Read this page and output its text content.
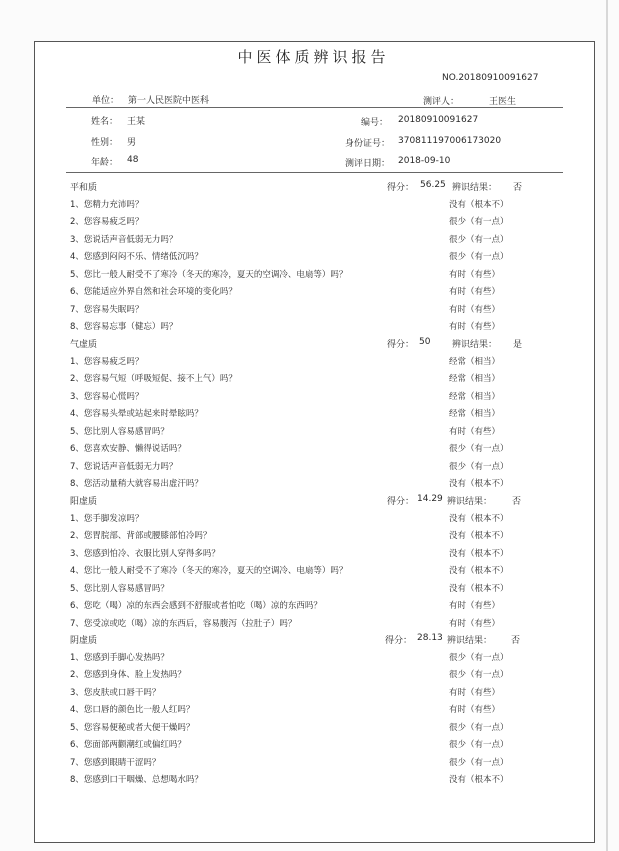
中医体质辨识报告
NO.20180910091627
单位： 第一人民医院中医科	测评人：	王医生
姓名： 王某	编号： 20180910091627
性别： 男	身份证号： 370811197006173020
年龄： 48	测评日期： 2018-09-10
平和质	得分： 56.25 辨识结果： 否
1、您精力充沛吗？	没有（根本不）
2、您容易疲乏吗？	很少（有一点）
3、您说话声音低弱无力吗？	很少（有一点）
4、您感到闷闷不乐、情绪低沉吗？	很少（有一点）
5、您比一般人耐受不了寒冷（冬天的寒冷，夏天的空调冷、电扇等）吗？	有时（有些）
6、您能适应外界自然和社会环境的变化吗？	有时（有些）
7、您容易失眠吗？	有时（有些）
8、您容易忘事（健忘）吗？	有时（有些）
气虚质	得分： 50 辨识结果： 是
1、您容易疲乏吗？	经常（相当）
2、您容易气短（呼吸短促、接不上气）吗？	经常（相当）
3、您容易心慌吗？	经常（相当）
4、您容易头晕或站起来时晕眩吗？	经常（相当）
5、您比别人容易感冒吗？	有时（有些）
6、您喜欢安静、懒得说话吗？	很少（有一点）
7、您说话声音低弱无力吗？	很少（有一点）
8、您活动量稍大就容易出虚汗吗？	没有（根本不）
阳虚质	得分： 14.29 辨识结果： 否
1、您手脚发凉吗？	没有（根本不）
2、您胃脘部、背部或腰膝部怕冷吗？	没有（根本不）
3、您感到怕冷、衣服比别人穿得多吗？	没有（根本不）
4、您比一般人耐受不了寒冷（冬天的寒冷，夏天的空调冷、电扇等）吗？	没有（根本不）
5、您比别人容易感冒吗？	没有（根本不）
6、您吃（喝）凉的东西会感到不舒服或者怕吃（喝）凉的东西吗？	有时（有些）
7、您受凉或吃（喝）凉的东西后，容易腹泻（拉肚子）吗？	有时（有些）
阴虚质	得分： 28.13 辨识结果： 否
1、您感到手脚心发热吗？	很少（有一点）
2、您感到身体、脸上发热吗？	很少（有一点）
3、您皮肤或口唇干吗？	有时（有些）
4、您口唇的颜色比一般人红吗？	有时（有些）
5、您容易便秘或者大便干燥吗？	很少（有一点）
6、您面部两颧潮红或偏红吗？	很少（有一点）
7、您感到眼睛干涩吗？	很少（有一点）
8、您感到口干咽燥、总想喝水吗？	没有（根本不）
